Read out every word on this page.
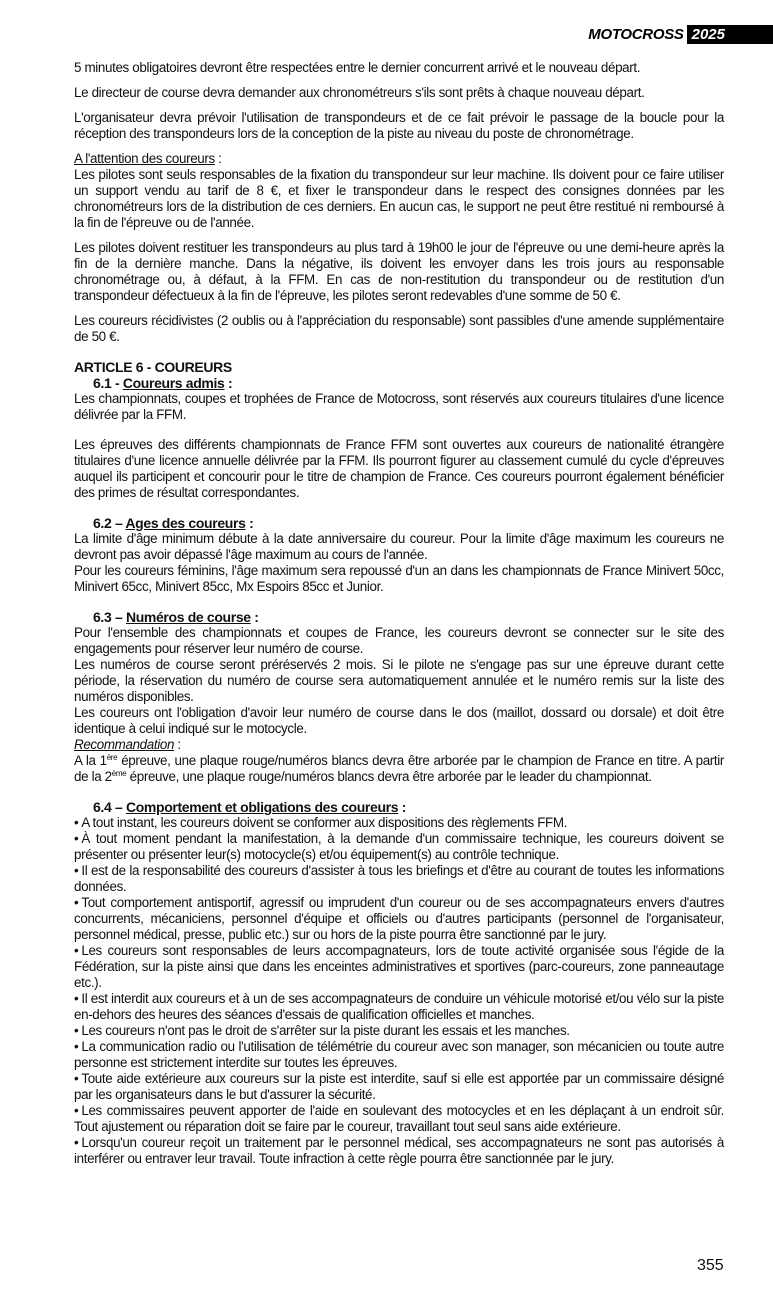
MOTOCROSS 2025

5 minutes obligatoires devront être respectées entre le dernier concurrent arrivé et le nouveau départ.

Le directeur de course devra demander aux chronométreurs s'ils sont prêts à chaque nouveau départ.

L'organisateur devra prévoir l'utilisation de transpondeurs et de ce fait prévoir le passage de la boucle pour la réception des transpondeurs lors de la conception de la piste au niveau du poste de chronométrage.

A l'attention des coureurs :

Les pilotes sont seuls responsables de la fixation du transpondeur sur leur machine. Ils doivent pour ce faire utiliser un support vendu au tarif de 8 €, et fixer le transpondeur dans le respect des consignes données par les chronométreurs lors de la distribution de ces derniers. En aucun cas, le support ne peut être restitué ni remboursé à la fin de l'épreuve ou de l'année.

Les pilotes doivent restituer les transpondeurs au plus tard à 19h00 le jour de l'épreuve ou une demi-heure après la fin de la dernière manche. Dans la négative, ils doivent les envoyer dans les trois jours au responsable chronométrage ou, à défaut, à la FFM. En cas de non-restitution du transpondeur ou de restitution d'un transpondeur défectueux à la fin de l'épreuve, les pilotes seront redevables d'une somme de 50 €.

Les coureurs récidivistes (2 oublis ou à l'appréciation du responsable) sont passibles d'une amende supplémentaire de 50 €.

ARTICLE 6 - COUREURS

6.1 - Coureurs admis :

Les championnats, coupes et trophées de France de Motocross, sont réservés aux coureurs titulaires d'une licence délivrée par la FFM.

Les épreuves des différents championnats de France FFM sont ouvertes aux coureurs de nationalité étrangère titulaires d'une licence annuelle délivrée par la FFM. Ils pourront figurer au classement cumulé du cycle d'épreuves auquel ils participent et concourir pour le titre de champion de France. Ces coureurs pourront également bénéficier des primes de résultat correspondantes.

6.2 – Ages des coureurs :

La limite d'âge minimum débute à la date anniversaire du coureur. Pour la limite d'âge maximum les coureurs ne devront pas avoir dépassé l'âge maximum au cours de l'année.

Pour les coureurs féminins, l'âge maximum sera repoussé d'un an dans les championnats de France Minivert 50cc, Minivert 65cc, Minivert 85cc, Mx Espoirs 85cc et Junior.

6.3 – Numéros de course :

Pour l'ensemble des championnats et coupes de France, les coureurs devront se connecter sur le site des engagements pour réserver leur numéro de course.

Les numéros de course seront préréservés 2 mois. Si le pilote ne s'engage pas sur une épreuve durant cette période, la réservation du numéro de course sera automatiquement annulée et le numéro remis sur la liste des numéros disponibles.

Les coureurs ont l'obligation d'avoir leur numéro de course dans le dos (maillot, dossard ou dorsale) et doit être identique à celui indiqué sur le motocycle.

Recommandation :

A la 1ère épreuve, une plaque rouge/numéros blancs devra être arborée par le champion de France en titre. A partir de la 2ème épreuve, une plaque rouge/numéros blancs devra être arborée par le leader du championnat.

6.4 – Comportement et obligations des coureurs :

• A tout instant, les coureurs doivent se conformer aux dispositions des règlements FFM.

• À tout moment pendant la manifestation, à la demande d'un commissaire technique, les coureurs doivent se présenter ou présenter leur(s) motocycle(s) et/ou équipement(s) au contrôle technique.

• Il est de la responsabilité des coureurs d'assister à tous les briefings et d'être au courant de toutes les informations données.

• Tout comportement antisportif, agressif ou imprudent d'un coureur ou de ses accompagnateurs envers d'autres concurrents, mécaniciens, personnel d'équipe et officiels ou d'autres participants (personnel de l'organisateur, personnel médical, presse, public etc.) sur ou hors de la piste pourra être sanctionné par le jury.

• Les coureurs sont responsables de leurs accompagnateurs, lors de toute activité organisée sous l'égide de la Fédération, sur la piste ainsi que dans les enceintes administratives et sportives (parc-coureurs, zone panneautage etc.).

• Il est interdit aux coureurs et à un de ses accompagnateurs de conduire un véhicule motorisé et/ou vélo sur la piste en-dehors des heures des séances d'essais de qualification officielles et manches.

• Les coureurs n'ont pas le droit de s'arrêter sur la piste durant les essais et les manches.

• La communication radio ou l'utilisation de télémétrie du coureur avec son manager, son mécanicien ou toute autre personne est strictement interdite sur toutes les épreuves.

• Toute aide extérieure aux coureurs sur la piste est interdite, sauf si elle est apportée par un commissaire désigné par les organisateurs dans le but d'assurer la sécurité.

• Les commissaires peuvent apporter de l'aide en soulevant des motocycles et en les déplaçant à un endroit sûr. Tout ajustement ou réparation doit se faire par le coureur, travaillant tout seul sans aide extérieure.

• Lorsqu'un coureur reçoit un traitement par le personnel médical, ses accompagnateurs ne sont pas autorisés à interférer ou entraver leur travail. Toute infraction à cette règle pourra être sanctionnée par le jury.

355
